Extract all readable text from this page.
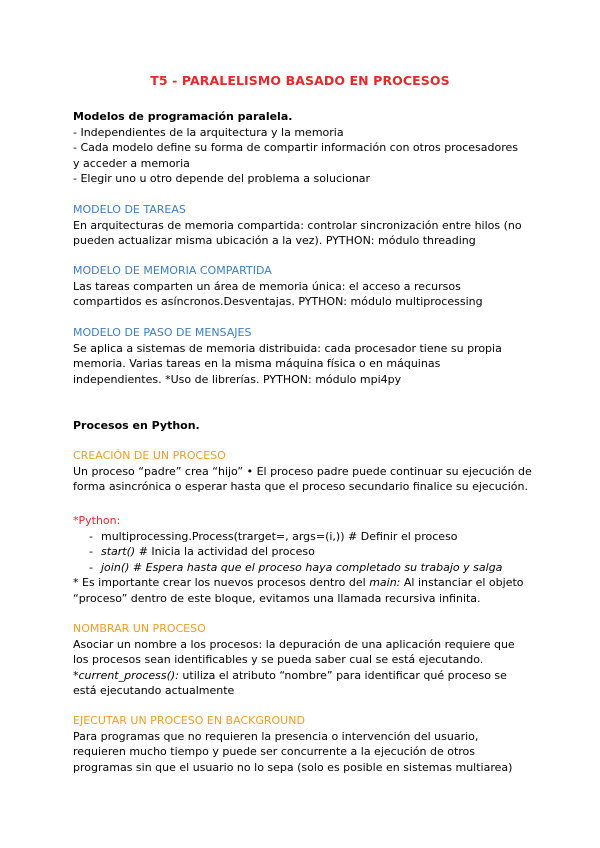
T5 - PARALELISMO BASADO EN PROCESOS
Modelos de programación paralela.
- Independientes de la arquitectura y la memoria
- Cada modelo define su forma de compartir información con otros procesadores
y acceder a memoria
- Elegir uno u otro depende del problema a solucionar
MODELO DE TAREAS
En arquitecturas de memoria compartida: controlar sincronización entre hilos (no
pueden actualizar misma ubicación a la vez). PYTHON: módulo threading
MODELO DE MEMORIA COMPARTIDA
Las tareas comparten un área de memoria única: el acceso a recursos
compartidos es asíncronos.Desventajas. PYTHON: módulo multiprocessing
MODELO DE PASO DE MENSAJES
Se aplica a sistemas de memoria distribuida: cada procesador tiene su propia
memoria. Varias tareas en la misma máquina física o en máquinas
independientes. *Uso de librerías. PYTHON: módulo mpi4py
Procesos en Python.
CREACIÓN DE UN PROCESO
Un proceso “padre” crea “hijo” • El proceso padre puede continuar su ejecución de
forma asincrónica o esperar hasta que el proceso secundario finalice su ejecución.
*Python:
- multiprocessing.Process(trarget=, args=(i,)) # Definir el proceso
- start() # Inicia la actividad del proceso
- join() # Espera hasta que el proceso haya completado su trabajo y salga
* Es importante crear los nuevos procesos dentro del main: Al instanciar el objeto
“proceso” dentro de este bloque, evitamos una llamada recursiva infinita.
NOMBRAR UN PROCESO
Asociar un nombre a los procesos: la depuración de una aplicación requiere que
los procesos sean identificables y se pueda saber cual se está ejecutando.
*current_process(): utiliza el atributo “nombre” para identificar qué proceso se
está ejecutando actualmente
EJECUTAR UN PROCESO EN BACKGROUND
Para programas que no requieren la presencia o intervención del usuario,
requieren mucho tiempo y puede ser concurrente a la ejecución de otros
programas sin que el usuario no lo sepa (solo es posible en sistemas multiarea)
